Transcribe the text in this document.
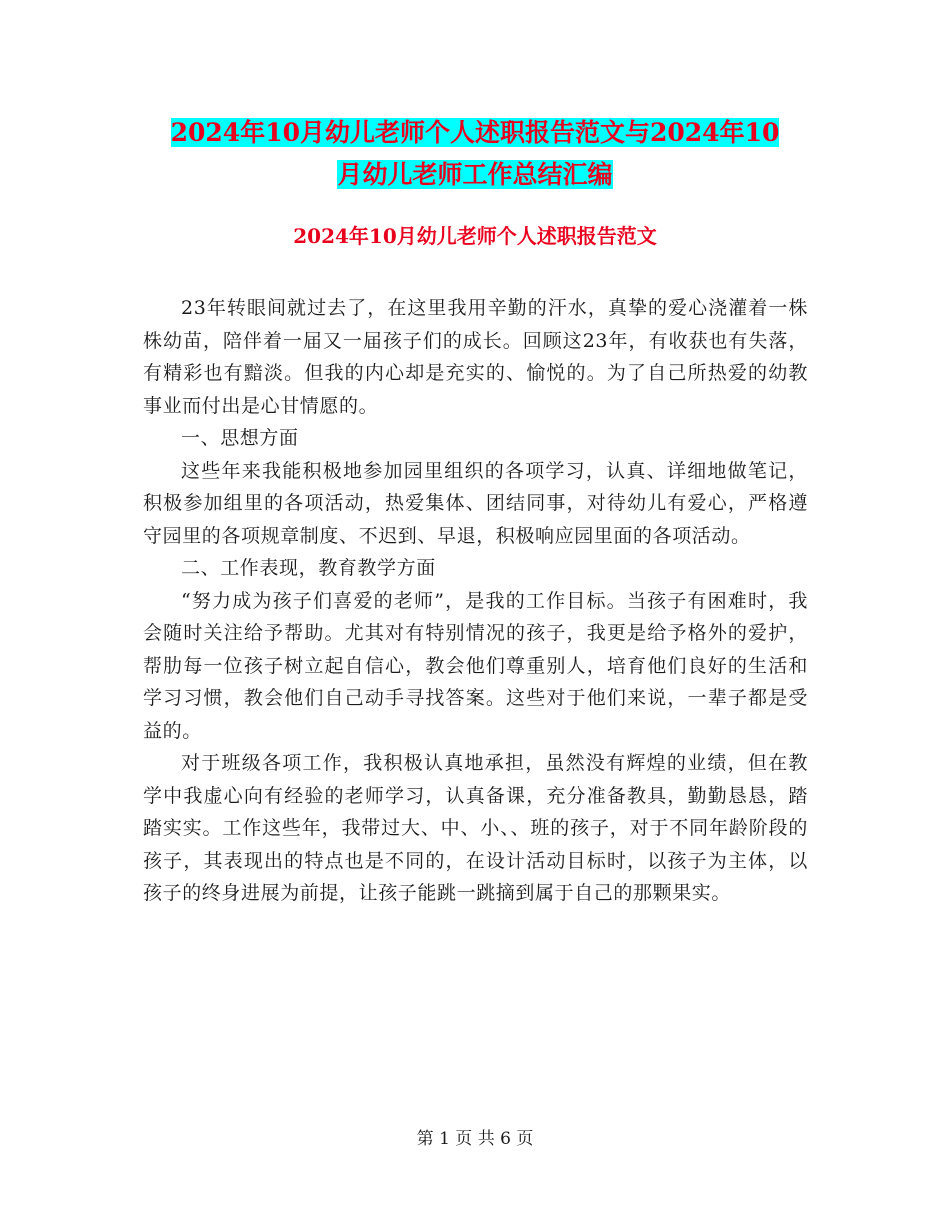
2024年10月幼儿老师个人述职报告范文与2024年10
月幼儿老师工作总结汇编
2024年10月幼儿老师个人述职报告范文

23年转眼间就过去了，在这里我用辛勤的汗水，真挚的爱心浇灌着一株株幼苗，陪伴着一届又一届孩子们的成长。回顾这23年，有收获也有失落，有精彩也有黯淡。但我的内心却是充实的、愉悦的。为了自己所热爱的幼教事业而付出是心甘情愿的。

一、思想方面

这些年来我能积极地参加园里组织的各项学习，认真、详细地做笔记，积极参加组里的各项活动，热爱集体、团结同事，对待幼儿有爱心，严格遵守园里的各项规章制度、不迟到、早退，积极响应园里面的各项活动。

二、工作表现，教育教学方面

“努力成为孩子们喜爱的老师”，是我的工作目标。当孩子有困难时，我会随时关注给予帮助。尤其对有特别情况的孩子，我更是给予格外的爱护，帮肋每一位孩子树立起自信心，教会他们尊重别人，培育他们良好的生活和学习习惯，教会他们自己动手寻找答案。这些对于他们来说，一辈子都是受益的。

对于班级各项工作，我积极认真地承担，虽然没有辉煌的业绩，但在教学中我虚心向有经验的老师学习，认真备课，充分准备教具，勤勤恳恳，踏踏实实。工作这些年，我带过大、中、小、、班的孩子，对于不同年龄阶段的孩子，其表现出的特点也是不同的，在设计活动目标时，以孩子为主体，以孩子的终身进展为前提，让孩子能跳一跳摘到属于自己的那颗果实。

第 1 页 共 6 页
